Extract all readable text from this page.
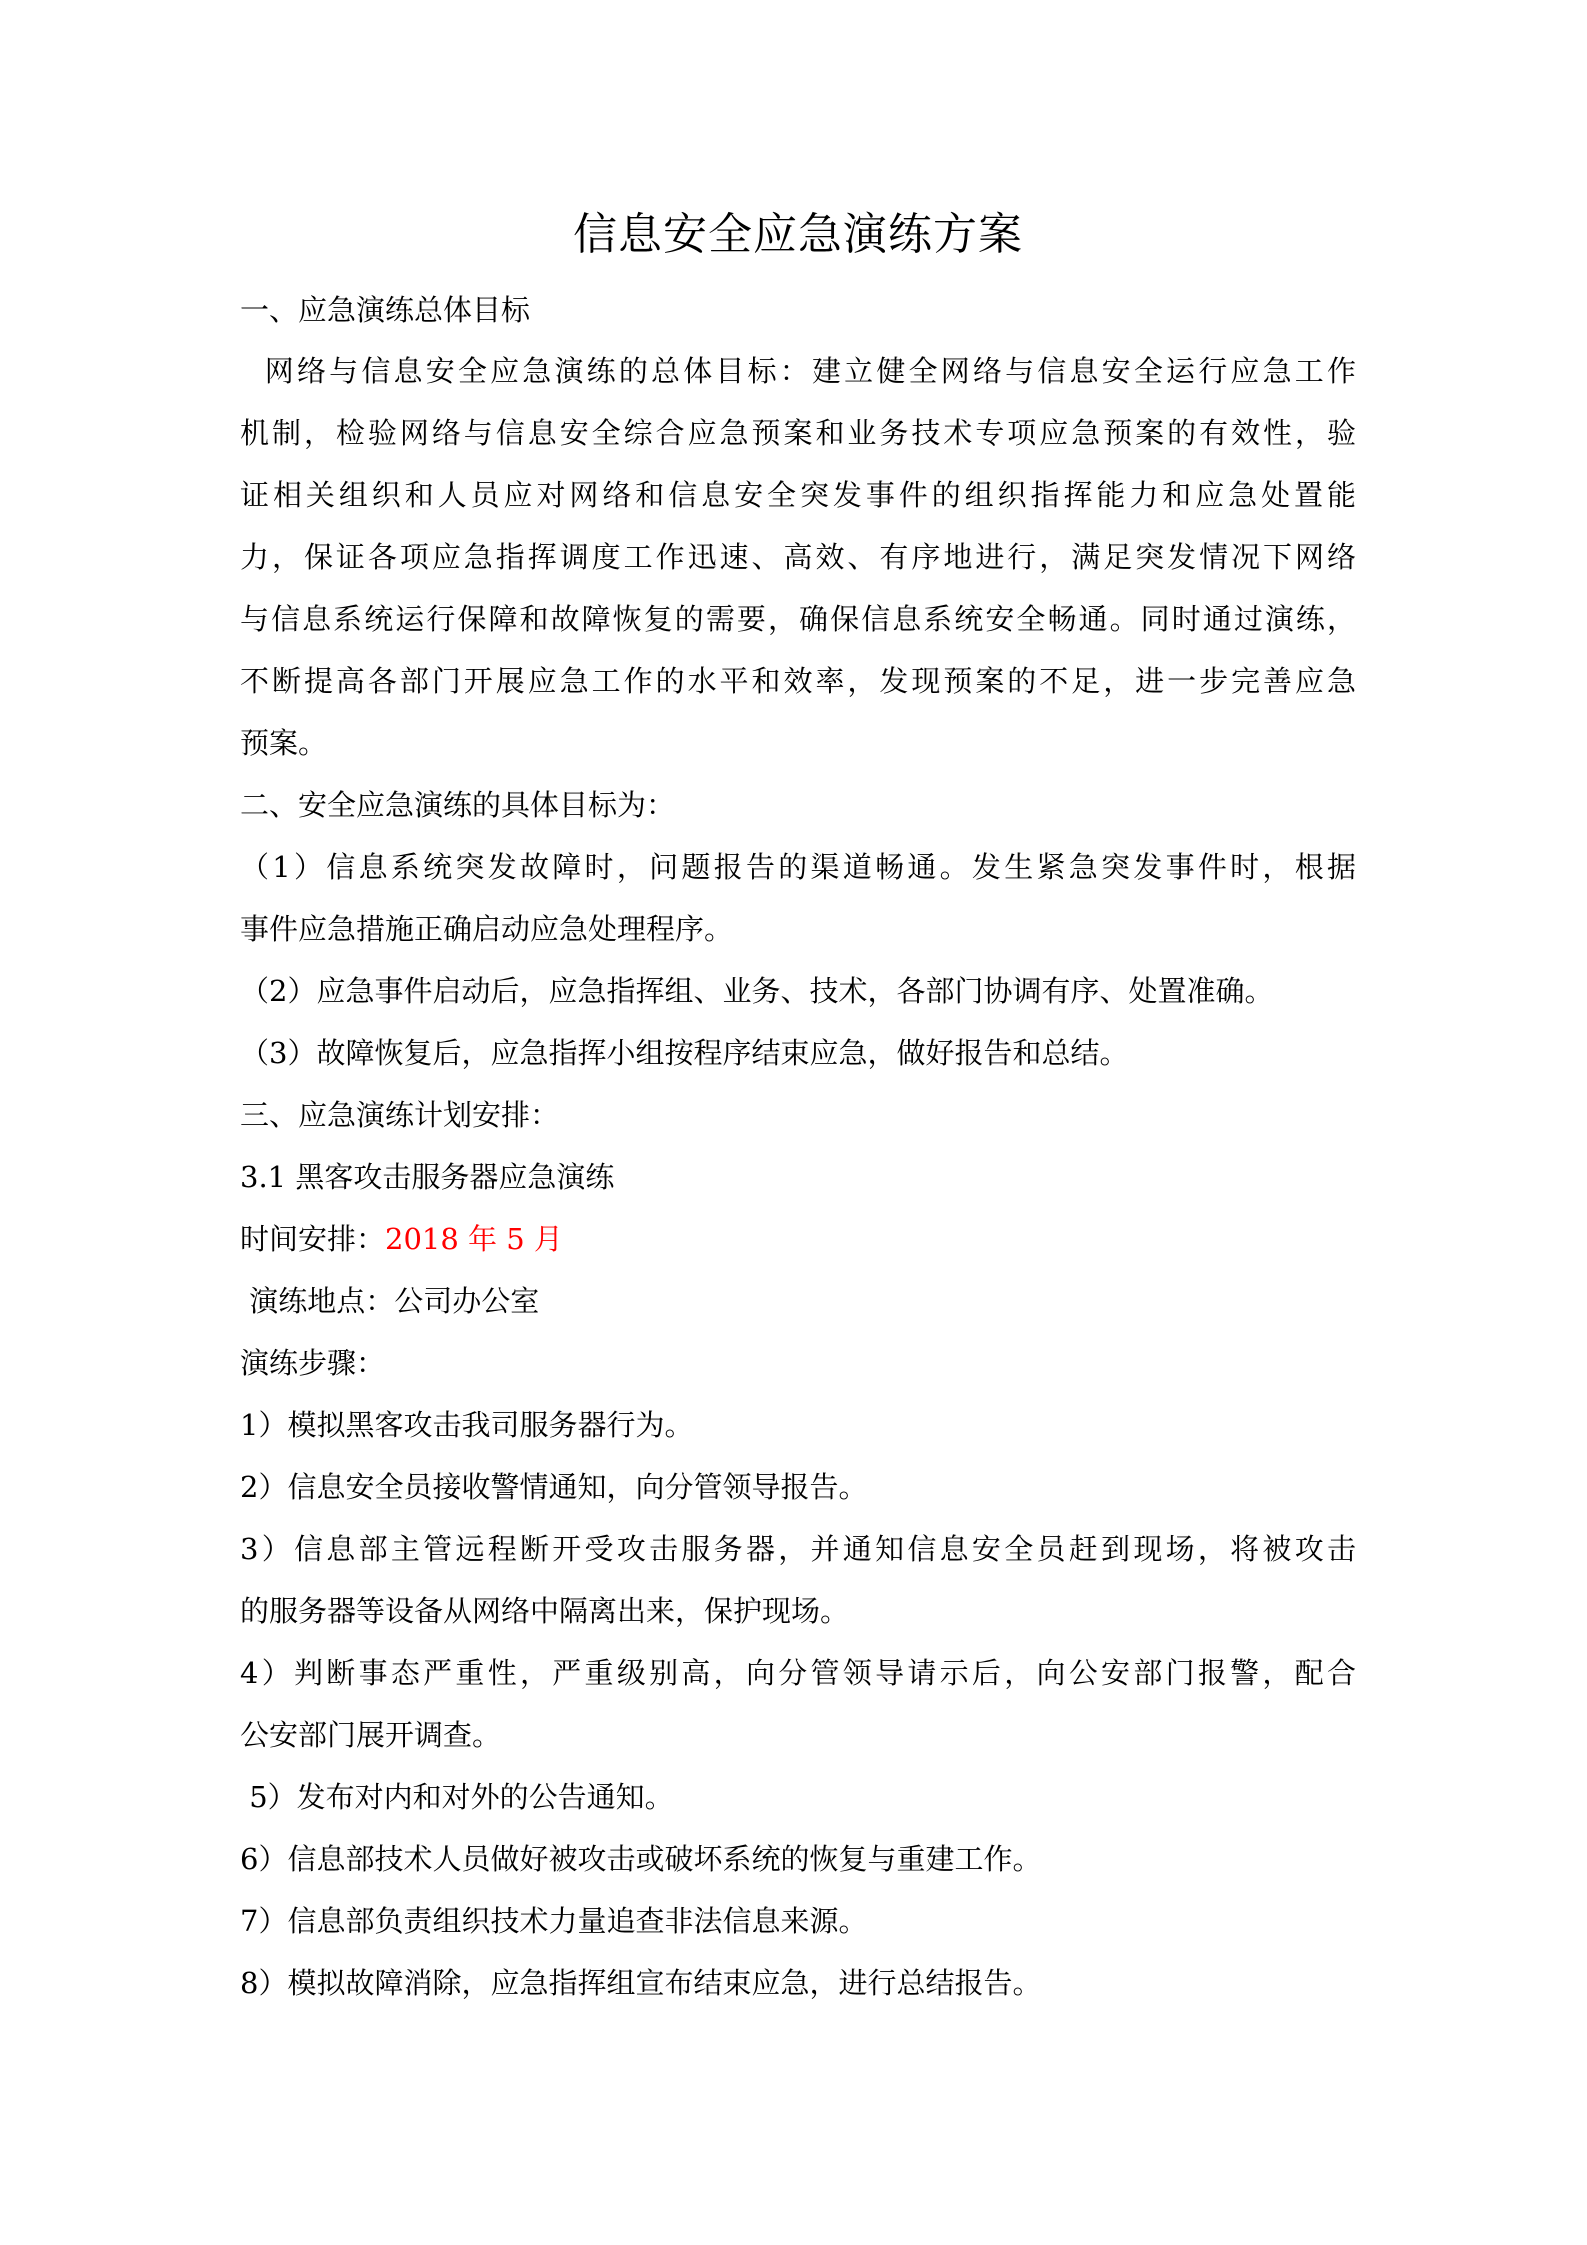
信息安全应急演练方案
一、应急演练总体目标
网络与信息安全应急演练的总体目标：建立健全网络与信息安全运行应急工作
机制，检验网络与信息安全综合应急预案和业务技术专项应急预案的有效性，验
证相关组织和人员应对网络和信息安全突发事件的组织指挥能力和应急处置能
力，保证各项应急指挥调度工作迅速、高效、有序地进行，满足突发情况下网络
与信息系统运行保障和故障恢复的需要，确保信息系统安全畅通。同时通过演练，
不断提高各部门开展应急工作的水平和效率，发现预案的不足，进一步完善应急
预案。
二、安全应急演练的具体目标为：
（1）信息系统突发故障时，问题报告的渠道畅通。发生紧急突发事件时，根据
事件应急措施正确启动应急处理程序。
（2）应急事件启动后，应急指挥组、业务、技术，各部门协调有序、处置准确。
（3）故障恢复后，应急指挥小组按程序结束应急，做好报告和总结。
三、应急演练计划安排：
3.1 黑客攻击服务器应急演练
时间安排：2018 年 5 月
演练地点：公司办公室
演练步骤：
1）模拟黑客攻击我司服务器行为。
2）信息安全员接收警情通知，向分管领导报告。
3）信息部主管远程断开受攻击服务器，并通知信息安全员赶到现场，将被攻击
的服务器等设备从网络中隔离出来，保护现场。
4）判断事态严重性，严重级别高，向分管领导请示后，向公安部门报警，配合
公安部门展开调查。
5）发布对内和对外的公告通知。
6）信息部技术人员做好被攻击或破坏系统的恢复与重建工作。
7）信息部负责组织技术力量追查非法信息来源。
8）模拟故障消除，应急指挥组宣布结束应急，进行总结报告。
